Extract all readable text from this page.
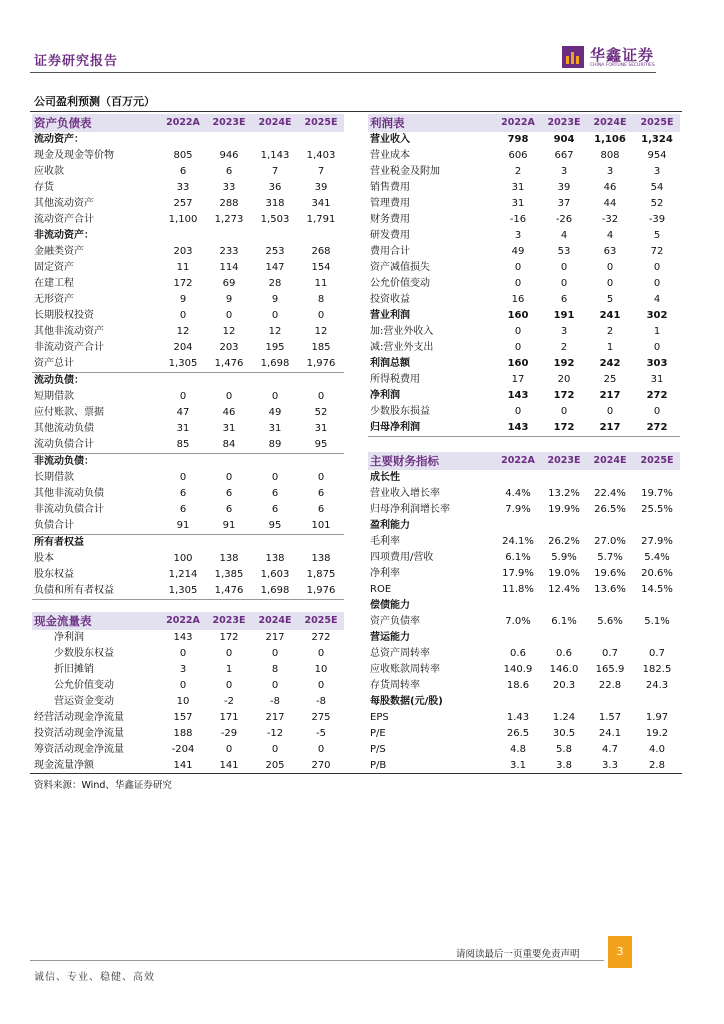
证券研究报告	华鑫证券
CHINA FORTUNE SECURITIES
公司盈利预测（百万元）
资产负债表	2022A	2023E	2024E	2025E
流动资产：				
现金及现金等价物	805	946	1,143	1,403
应收款	6	6	7	7
存货	33	33	36	39
其他流动资产	257	288	318	341
流动资产合计	1,100	1,273	1,503	1,791
非流动资产：				
金融类资产	203	233	253	268
固定资产	11	114	147	154
在建工程	172	69	28	11
无形资产	9	9	9	8
长期股权投资	0	0	0	0
其他非流动资产	12	12	12	12
非流动资产合计	204	203	195	185
资产总计	1,305	1,476	1,698	1,976
流动负债：				
短期借款	0	0	0	0
应付账款、票据	47	46	49	52
其他流动负债	31	31	31	31
流动负债合计	85	84	89	95
非流动负债：				
长期借款	0	0	0	0
其他非流动负债	6	6	6	6
非流动负债合计	6	6	6	6
负债合计	91	91	95	101
所有者权益				
股本	100	138	138	138
股东权益	1,214	1,385	1,603	1,875
负债和所有者权益	1,305	1,476	1,698	1,976
利润表	2022A	2023E	2024E	2025E
营业收入	798	904	1,106	1,324
营业成本	606	667	808	954
营业税金及附加	2	3	3	3
销售费用	31	39	46	54
管理费用	31	37	44	52
财务费用	-16	-26	-32	-39
研发费用	3	4	4	5
费用合计	49	53	63	72
资产减值损失	0	0	0	0
公允价值变动	0	0	0	0
投资收益	16	6	5	4
营业利润	160	191	241	302
加:营业外收入	0	3	2	1
减:营业外支出	0	2	1	0
利润总额	160	192	242	303
所得税费用	17	20	25	31
净利润	143	172	217	272
少数股东损益	0	0	0	0
归母净利润	143	172	217	272
主要财务指标	2022A	2023E	2024E	2025E
成长性				
营业收入增长率	4.4%	13.2%	22.4%	19.7%
归母净利润增长率	7.9%	19.9%	26.5%	25.5%
盈利能力				
毛利率	24.1%	26.2%	27.0%	27.9%
四项费用/营收	6.1%	5.9%	5.7%	5.4%
净利率	17.9%	19.0%	19.6%	20.6%
ROE	11.8%	12.4%	13.6%	14.5%
偿债能力				
资产负债率	7.0%	6.1%	5.6%	5.1%
营运能力				
总资产周转率	0.6	0.6	0.7	0.7
应收账款周转率	140.9	146.0	165.9	182.5
存货周转率	18.6	20.3	22.8	24.3
每股数据(元/股)				
EPS	1.43	1.24	1.57	1.97
P/E	26.5	30.5	24.1	19.2
P/S	4.8	5.8	4.7	4.0
P/B	3.1	3.8	3.3	2.8
现金流量表	2022A	2023E	2024E	2025E
净利润	143	172	217	272
少数股东权益	0	0	0	0
折旧摊销	3	1	8	10
公允价值变动	0	0	0	0
营运资金变动	10	-2	-8	-8
经营活动现金净流量	157	171	217	275
投资活动现金净流量	188	-29	-12	-5
筹资活动现金净流量	-204	0	0	0
现金流量净额	141	141	205	270
资料来源：Wind、华鑫证券研究
请阅读最后一页重要免责声明	3
诚信、专业、稳健、高效
